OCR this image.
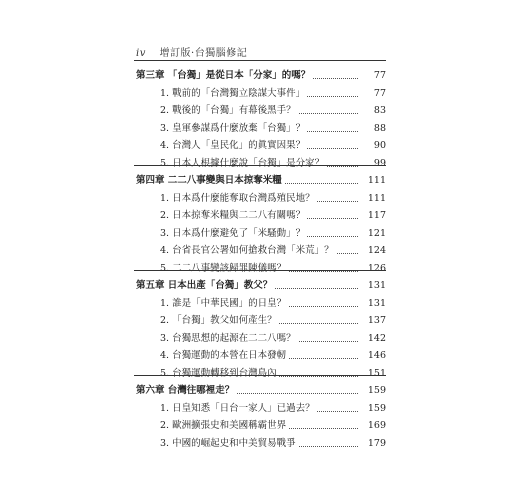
iv 增訂版·台獨腦修記
第三章 「台獨」是從日本「分家」的嗎？	77
1. 戰前的「台灣獨立陰謀大事件」	77
2. 戰後的「台獨」有幕後黑手？	83
3. 皇軍參謀爲什麼放棄「台獨」？	88
4. 台灣人「皇民化」的眞實因果？	90
5. 日本人根據什麼說「台獨」是分家？	99
第四章 二二八事變與日本掠奪米糧	111
1. 日本爲什麼能奪取台灣爲殖民地？	111
2. 日本掠奪米糧與二二八有關嗎？	117
3. 日本爲什麼避免了「米騷動」？	121
4. 台省長官公署如何搶救台灣「米荒」？	124
5. 二二八事變該歸罪陳儀嗎？	126
第五章 日本出產「台獨」教父？	131
1. 誰是「中華民國」的日皇？	131
2. 「台獨」教父如何產生？	137
3. 台獨思想的起源在二二八嗎？	142
4. 台獨運動的本營在日本發軔	146
5. 台獨運動轉移到台灣島內	151
第六章 台灣往哪裡走？	159
1. 日皇知悉「日台一家人」已過去？	159
2. 歐洲擴張史和美國稱霸世界	169
3. 中國的崛起史和中美貿易戰爭	179
